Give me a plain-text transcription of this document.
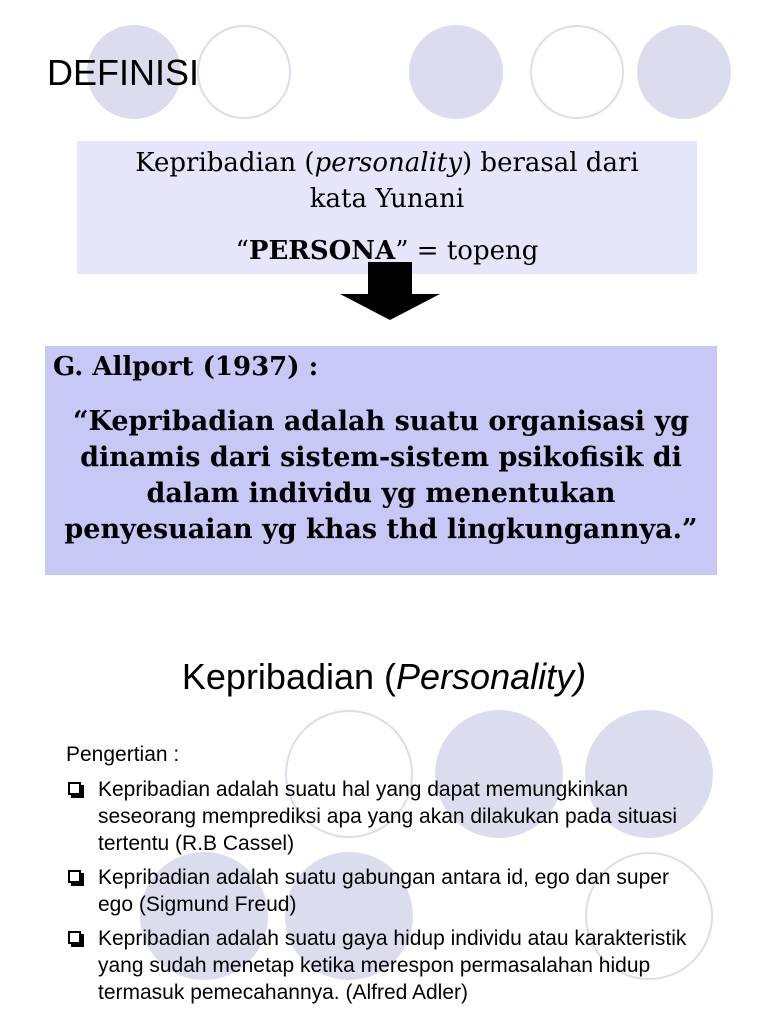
DEFINISI
Kepribadian (personality) berasal dari
kata Yunani
“PERSONA” = topeng
G. Allport (1937) :
“Kepribadian adalah suatu organisasi yg dinamis dari sistem-sistem psikofisik di dalam individu yg menentukan penyesuaian yg khas thd lingkungannya.”
Kepribadian (Personality)
Pengertian :
Kepribadian adalah suatu hal yang dapat memungkinkan seseorang memprediksi apa yang akan dilakukan pada situasi tertentu (R.B Cassel)
Kepribadian adalah suatu gabungan antara id, ego dan super ego (Sigmund Freud)
Kepribadian adalah suatu gaya hidup individu atau karakteristik yang sudah menetap ketika merespon permasalahan hidup termasuk pemecahannya. (Alfred Adler)
